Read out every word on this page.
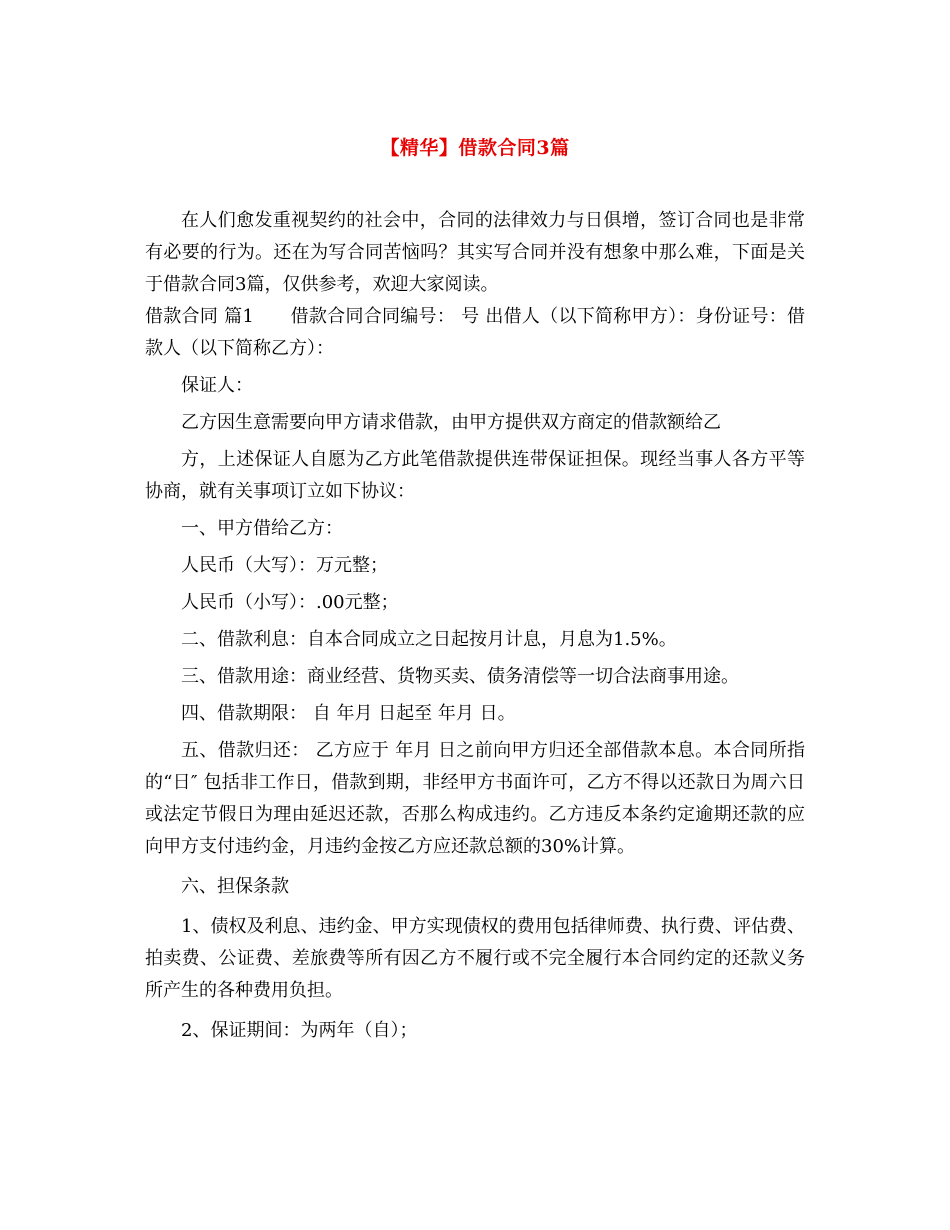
【精华】借款合同3篇

在人们愈发重视契约的社会中，合同的法律效力与日俱增，签订合同也是非常有必要的行为。还在为写合同苦恼吗？其实写合同并没有想象中那么难，下面是关于借款合同3篇，仅供参考，欢迎大家阅读。

借款合同 篇1　　借款合同合同编号： 号 出借人（以下简称甲方）：身份证号：借款人（以下简称乙方）：

保证人：

乙方因生意需要向甲方请求借款，由甲方提供双方商定的借款额给乙

方，上述保证人自愿为乙方此笔借款提供连带保证担保。现经当事人各方平等协商，就有关事项订立如下协议：

一、甲方借给乙方：

人民币（大写）：万元整；

人民币（小写）：.00元整；

二、借款利息：自本合同成立之日起按月计息，月息为1.5%。

三、借款用途：商业经营、货物买卖、债务清偿等一切合法商事用途。

四、借款期限： 自 年月 日起至 年月 日。

五、借款归还： 乙方应于 年月 日之前向甲方归还全部借款本息。本合同所指的“日″ 包括非工作日，借款到期，非经甲方书面许可，乙方不得以还款日为周六日或法定节假日为理由延迟还款，否那么构成违约。乙方违反本条约定逾期还款的应向甲方支付违约金，月违约金按乙方应还款总额的30%计算。

六、担保条款

1、债权及利息、违约金、甲方实现债权的费用包括律师费、执行费、评估费、拍卖费、公证费、差旅费等所有因乙方不履行或不完全履行本合同约定的还款义务所产生的各种费用负担。

2、保证期间：为两年（自）；
